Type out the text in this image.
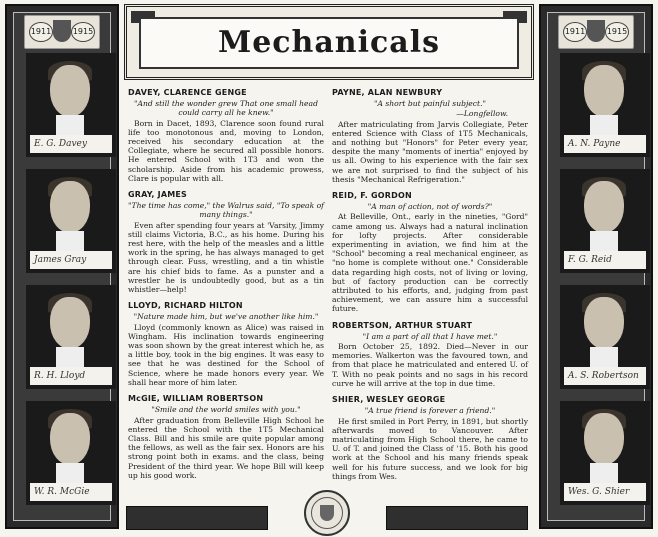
1911	1915
E. G. Davey
James Gray
R. H. Lloyd
W. R. McGie
1911	1915
A. N. Payne
F. G. Reid
A. S. Robertson
Wes. G. Shier
Mechanicals
DAVEY, CLARENCE GENGE

"And still the wonder grew That one small head could carry all he knew."

Born in Dacet, 1893, Clarence soon found rural life too monotonous and, moving to London, received his secondary education at the Collegiate, where he secured all possible honors. He entered School with 1T3 and won the scholarship. Aside from his academic prowess, Clare is popular with all.

GRAY, JAMES

"The time has come," the Walrus said, "To speak of many things."

Even after spending four years at 'Varsity, Jimmy still claims Victoria, B.C., as his home. During his rest here, with the help of the measles and a little work in the spring, he has always managed to get through clear. Fuss, wrestling, and a tin whistle are his chief bids to fame. As a punster and a wrestler he is undoubtedly good, but as a tin whistler—help!

LLOYD, RICHARD HILTON

"Nature made him, but we've another like him."

Lloyd (commonly known as Alice) was raised in Wingham. His inclination towards engineering was soon shown by the great interest which he, as a little boy, took in the big engines. It was easy to see that he was destined for the School of Science, where he made honors every year. We shall hear more of him later.

McGIE, WILLIAM ROBERTSON

"Smile and the world smiles with you."

After graduation from Belleville High School he entered the School with the 1T5 Mechanical Class. Bill and his smile are quite popular among the fellows, as well as the fair sex. Honors are his strong point both in exams. and the class, being President of the third year. We hope Bill will keep up his good work.

PAYNE, ALAN NEWBURY

"A short but painful subject."

—Longfellow.

After matriculating from Jarvis Collegiate, Peter entered Science with Class of 1T5 Mechanicals, and nothing but "Honors" for Peter every year, despite the many "moments of inertia" enjoyed by us all. Owing to his experience with the fair sex we are not surprised to find the subject of his thesis "Mechanical Refrigeration."

REID, F. GORDON

"A man of action, not of words?"

At Belleville, Ont., early in the nineties, "Gord" came among us. Always had a natural inclination for lofty projects. After considerable experimenting in aviation, we find him at the "School" becoming a real mechanical engineer, as "no home is complete without one." Considerable data regarding high costs, not of living or loving, but of factory production can be correctly attributed to his efforts, and, judging from past achievement, we can assure him a successful future.

ROBERTSON, ARTHUR STUART

"I am a part of all that I have met."

Born October 25, 1892. Died—Never in our memories. Walkerton was the favoured town, and from that place he matriculated and entered U. of T. With no peak points and no sags in his record curve he will arrive at the top in due time.

SHIER, WESLEY GEORGE

"A true friend is forever a friend."

He first smiled in Port Perry, in 1891, but shortly afterwards moved to Vancouver. After matriculating from High School there, he came to U. of T. and joined the Class of '15. Both his good work at the School and his many friends speak well for his future success, and we look for big things from Wes.
